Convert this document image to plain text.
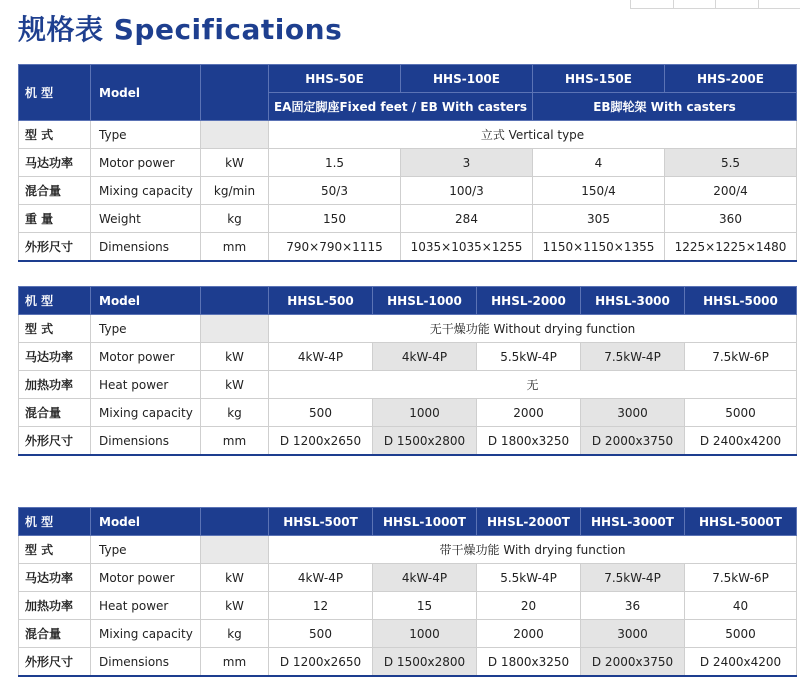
规格表 Specifications
机 型	Model		HHS-50E	HHS-100E	HHS-150E	HHS-200E
			EA固定脚座Fixed feet / EB With casters		EB脚轮架 With casters	
型 式	Type		立式 Vertical type			
马达功率	Motor power	kW	1.5	3	4	5.5
混合量	Mixing capacity	kg/min	50/3	100/3	150/4	200/4
重 量	Weight	kg	150	284	305	360
外形尺寸	Dimensions	mm	790×790×1115	1035×1035×1255	1150×1150×1355	1225×1225×1480
机 型	Model		HHSL-500	HHSL-1000	HHSL-2000	HHSL-3000	HHSL-5000
型 式	Type		无干燥功能 Without drying function				
马达功率	Motor power	kW	4kW-4P	4kW-4P	5.5kW-4P	7.5kW-4P	7.5kW-6P
加热功率	Heat power	kW	无				
混合量	Mixing capacity	kg	500	1000	2000	3000	5000
外形尺寸	Dimensions	mm	D 1200x2650	D 1500x2800	D 1800x3250	D 2000x3750	D 2400x4200
机 型	Model		HHSL-500T	HHSL-1000T	HHSL-2000T	HHSL-3000T	HHSL-5000T
型 式	Type		带干燥功能 With drying function				
马达功率	Motor power	kW	4kW-4P	4kW-4P	5.5kW-4P	7.5kW-4P	7.5kW-6P
加热功率	Heat power	kW	12	15	20	36	40
混合量	Mixing capacity	kg	500	1000	2000	3000	5000
外形尺寸	Dimensions	mm	D 1200x2650	D 1500x2800	D 1800x3250	D 2000x3750	D 2400x4200
